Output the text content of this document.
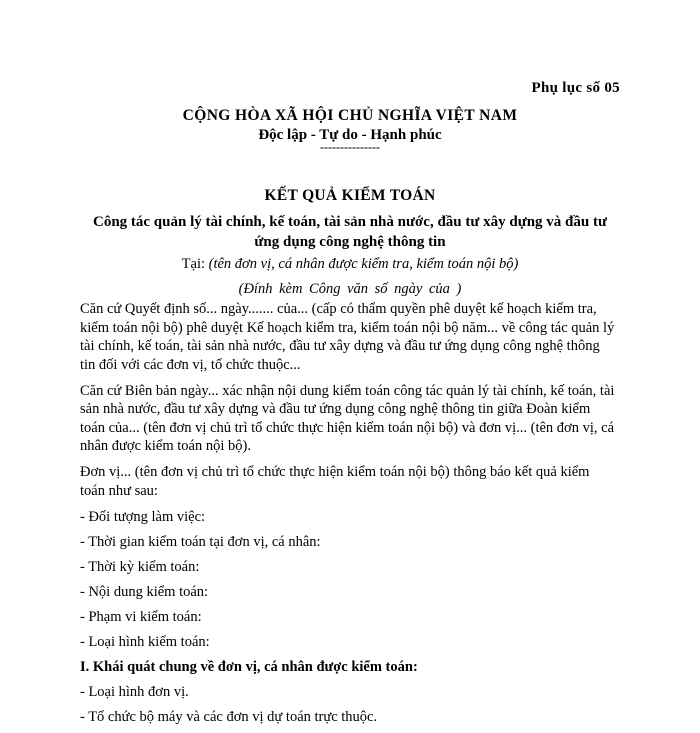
Phụ lục số 05
CỘNG HÒA XÃ HỘI CHỦ NGHĨA VIỆT NAM
Độc lập - Tự do - Hạnh phúc
---------------
KẾT QUẢ KIỂM TOÁN
Công tác quản lý tài chính, kế toán, tài sản nhà nước, đầu tư xây dựng và đầu tư ứng dụng công nghệ thông tin
Tại: (tên đơn vị, cá nhân được kiểm tra, kiểm toán nội bộ)
(Đính kèm Công văn số ngày của )

Căn cứ Quyết định số... ngày....... của... (cấp có thẩm quyền phê duyệt kế hoạch kiểm tra, kiểm toán nội bộ) phê duyệt Kế hoạch kiểm tra, kiểm toán nội bộ năm... về công tác quản lý tài chính, kế toán, tài sản nhà nước, đầu tư xây dựng và đầu tư ứng dụng công nghệ thông tin đối với các đơn vị, tổ chức thuộc...

Căn cứ Biên bản ngày... xác nhận nội dung kiểm toán công tác quản lý tài chính, kế toán, tài sản nhà nước, đầu tư xây dựng và đầu tư ứng dụng công nghệ thông tin giữa Đoàn kiểm toán của... (tên đơn vị chủ trì tổ chức thực hiện kiểm toán nội bộ) và đơn vị... (tên đơn vị, cá nhân được kiểm toán nội bộ).

Đơn vị... (tên đơn vị chủ trì tổ chức thực hiện kiểm toán nội bộ) thông báo kết quả kiểm toán như sau:

- Đối tượng làm việc:
- Thời gian kiểm toán tại đơn vị, cá nhân:
- Thời kỳ kiểm toán:
- Nội dung kiểm toán:
- Phạm vi kiểm toán:
- Loại hình kiểm toán:
I. Khái quát chung về đơn vị, cá nhân được kiểm toán:
- Loại hình đơn vị.
- Tổ chức bộ máy và các đơn vị dự toán trực thuộc.
